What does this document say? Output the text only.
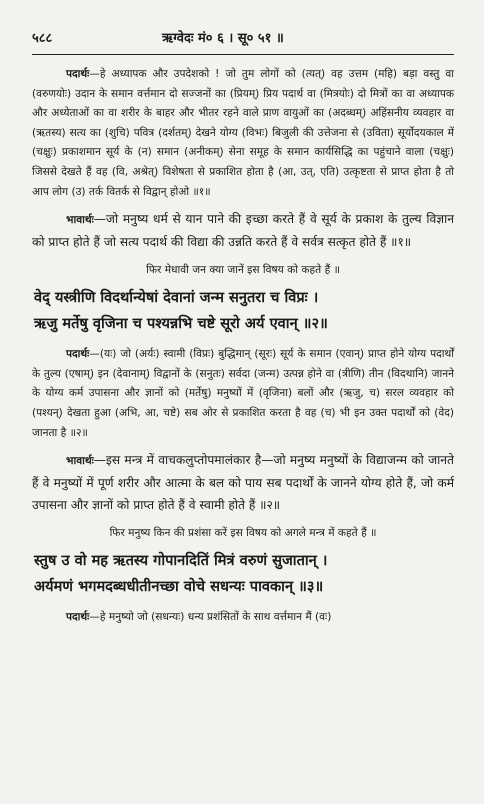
५८८	ऋग्वेदः मं० ६ । सू० ५१ ॥

पदार्थः—हे अध्यापक और उपदेशको ! जो तुम लोगों को (त्यत्) वह उत्तम (महि) बड़ा वस्तु वा (वरुणयोः) उदान के समान वर्त्तमान दो सज्जनों का (प्रियम्) प्रिय पदार्थ वा (मित्रयोः) दो मित्रों का वा अध्यापक और अध्येताओं का वा शरीर के बाहर और भीतर रहने वाले प्राण वायुओं का (अदब्धम्) अहिंसनीय व्यवहार वा (ऋतस्य) सत्य का (शुचि) पवित्र (दर्शतम्) देखने योग्य (विभः) बिजुली की उत्तेजना से (उविता) सूर्योदयकाल में (चक्षुः) प्रकाशमान सूर्य के (न) समान (अनीकम्) सेना समूह के समान कार्यसिद्धि का पहुंचाने वाला (चक्षुः) जिससे देखते हैं वह (वि, अश्रेत्) विशेषता से प्रकाशित होता है (आ, उत्, एति) उत्कृष्टता से प्राप्त होता है तो आप लोग (उ) तर्क वितर्क से विद्वान् होओ ॥१॥

भावार्थः—जो मनुष्य धर्म से यान पाने की इच्छा करते हैं वे सूर्य के प्रकाश के तुल्य विज्ञान को प्राप्त होते हैं जो सत्य पदार्थ की विद्या की उन्नति करते हैं वे सर्वत्र सत्कृत होते हैं ॥१॥

फिर मेधावी जन क्या जानें इस विषय को कहते हैं ॥

वेद् यस्त्रीणि विदर्थान्येषां देवानां जन्म सनुतरा च विप्रः ।

ऋजु मर्तेषु वृजिना च पश्यन्नभि चष्टे सूरो अर्य एवान् ॥२॥

पदार्थः—(यः) जो (अर्यः) स्वामी (विप्रः) बुद्धिमान् (सूरः) सूर्य के समान (एवान्) प्राप्त होने योग्य पदार्थों के तुल्य (एषाम्) इन (देवानाम्) विद्वानों के (सनुतः) सर्वदा (जन्म) उत्पन्न होने वा (त्रीणि) तीन (विदथानि) जानने के योग्य कर्म उपासना और ज्ञानों को (मर्तेषु) मनुष्यों में (वृजिना) बलों और (ऋजु, च) सरल व्यवहार को (पश्यन्) देखता हुआ (अभि, आ, चष्टे) सब ओर से प्रकाशित करता है वह (च) भी इन उक्त पदार्थों को (वेद) जानता है ॥२॥

भावार्थः—इस मन्त्र में वाचकलुप्तोपमालंकार है—जो मनुष्य मनुष्यों के विद्याजन्म को जानते हैं वे मनुष्यों में पूर्ण शरीर और आत्मा के बल को पाय सब पदार्थों के जानने योग्य होते हैं, जो कर्म उपासना और ज्ञानों को प्राप्त होते हैं वे स्वामी होते हैं ॥२॥

फिर मनुष्य किन की प्रशंसा करें इस विषय को अगले मन्त्र में कहते हैं ॥

स्तुष उ वो मह ऋतस्य गोपानदितिं मित्रं वरुणं सुजातान् ।

अर्यमणं भगमदब्धधीतीनच्छा वोचे सधन्यः पावकान् ॥३॥

पदार्थः—हे मनुष्यो जो (सधन्यः) धन्य प्रशंसितों के साथ वर्त्तमान मैं (वः)
